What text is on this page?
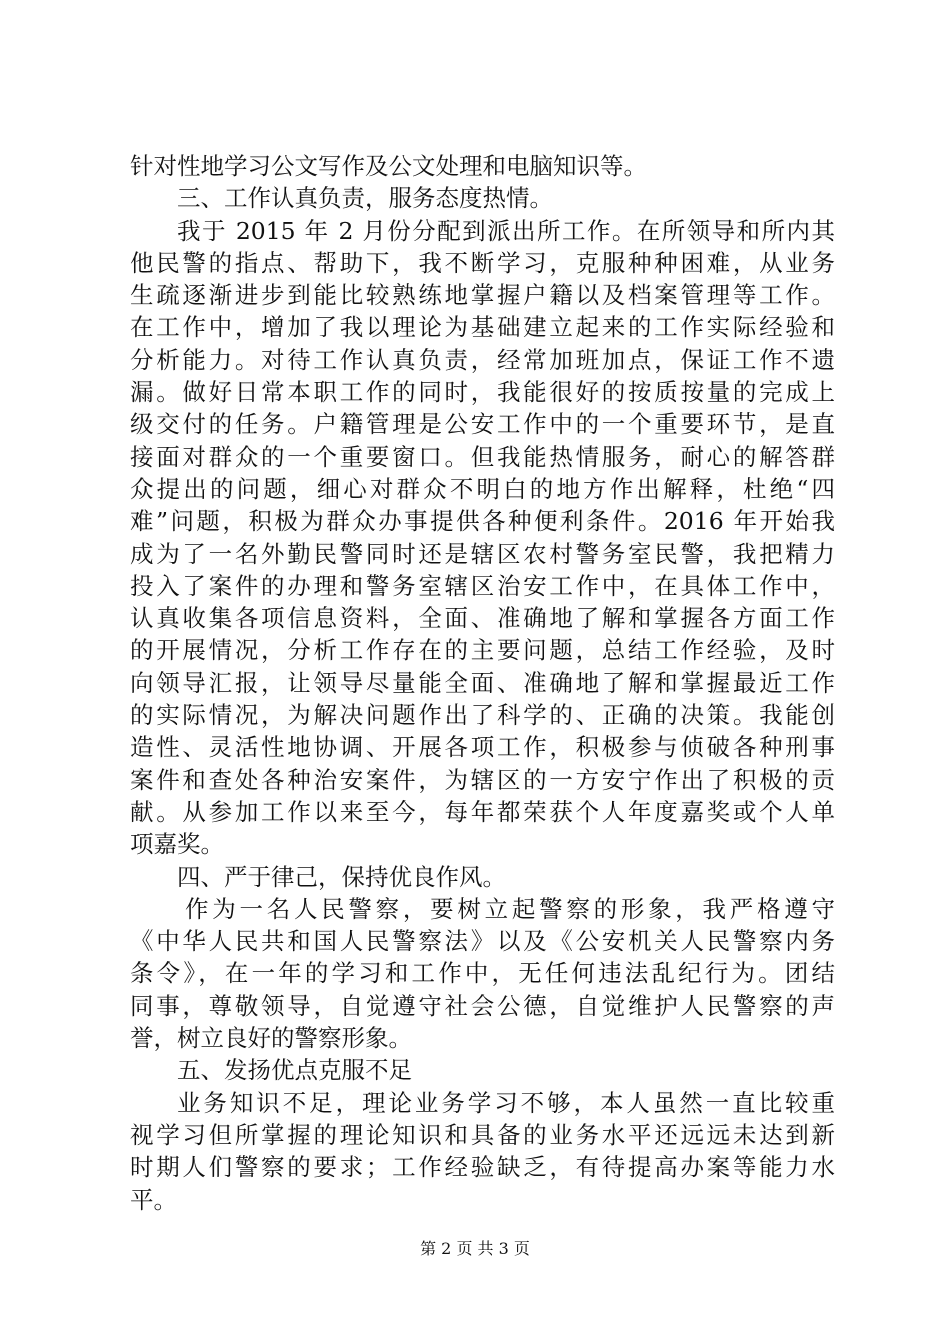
针对性地学习公文写作及公文处理和电脑知识等。
三、工作认真负责，服务态度热情。
我于 2015 年 2 月份分配到派出所工作。在所领导和所内其
他民警的指点、帮助下，我不断学习，克服种种困难，从业务
生疏逐渐进步到能比较熟练地掌握户籍以及档案管理等工作。
在工作中，增加了我以理论为基础建立起来的工作实际经验和
分析能力。对待工作认真负责，经常加班加点，保证工作不遗
漏。做好日常本职工作的同时，我能很好的按质按量的完成上
级交付的任务。户籍管理是公安工作中的一个重要环节，是直
接面对群众的一个重要窗口。但我能热情服务，耐心的解答群
众提出的问题，细心对群众不明白的地方作出解释，杜绝“四
难”问题，积极为群众办事提供各种便利条件。2016 年开始我
成为了一名外勤民警同时还是辖区农村警务室民警，我把精力
投入了案件的办理和警务室辖区治安工作中，在具体工作中，
认真收集各项信息资料，全面、准确地了解和掌握各方面工作
的开展情况，分析工作存在的主要问题，总结工作经验，及时
向领导汇报，让领导尽量能全面、准确地了解和掌握最近工作
的实际情况，为解决问题作出了科学的、正确的决策。我能创
造性、灵活性地协调、开展各项工作，积极参与侦破各种刑事
案件和查处各种治安案件，为辖区的一方安宁作出了积极的贡
献。从参加工作以来至今，每年都荣获个人年度嘉奖或个人单
项嘉奖。
四、严于律己，保持优良作风。
作为一名人民警察，要树立起警察的形象，我严格遵守
《中华人民共和国人民警察法》以及《公安机关人民警察内务
条令》，在一年的学习和工作中，无任何违法乱纪行为。团结
同事，尊敬领导，自觉遵守社会公德，自觉维护人民警察的声
誉，树立良好的警察形象。
五、发扬优点克服不足
业务知识不足，理论业务学习不够，本人虽然一直比较重
视学习但所掌握的理论知识和具备的业务水平还远远未达到新
时期人们警察的要求；工作经验缺乏，有待提高办案等能力水
平。
第 2 页 共 3 页
